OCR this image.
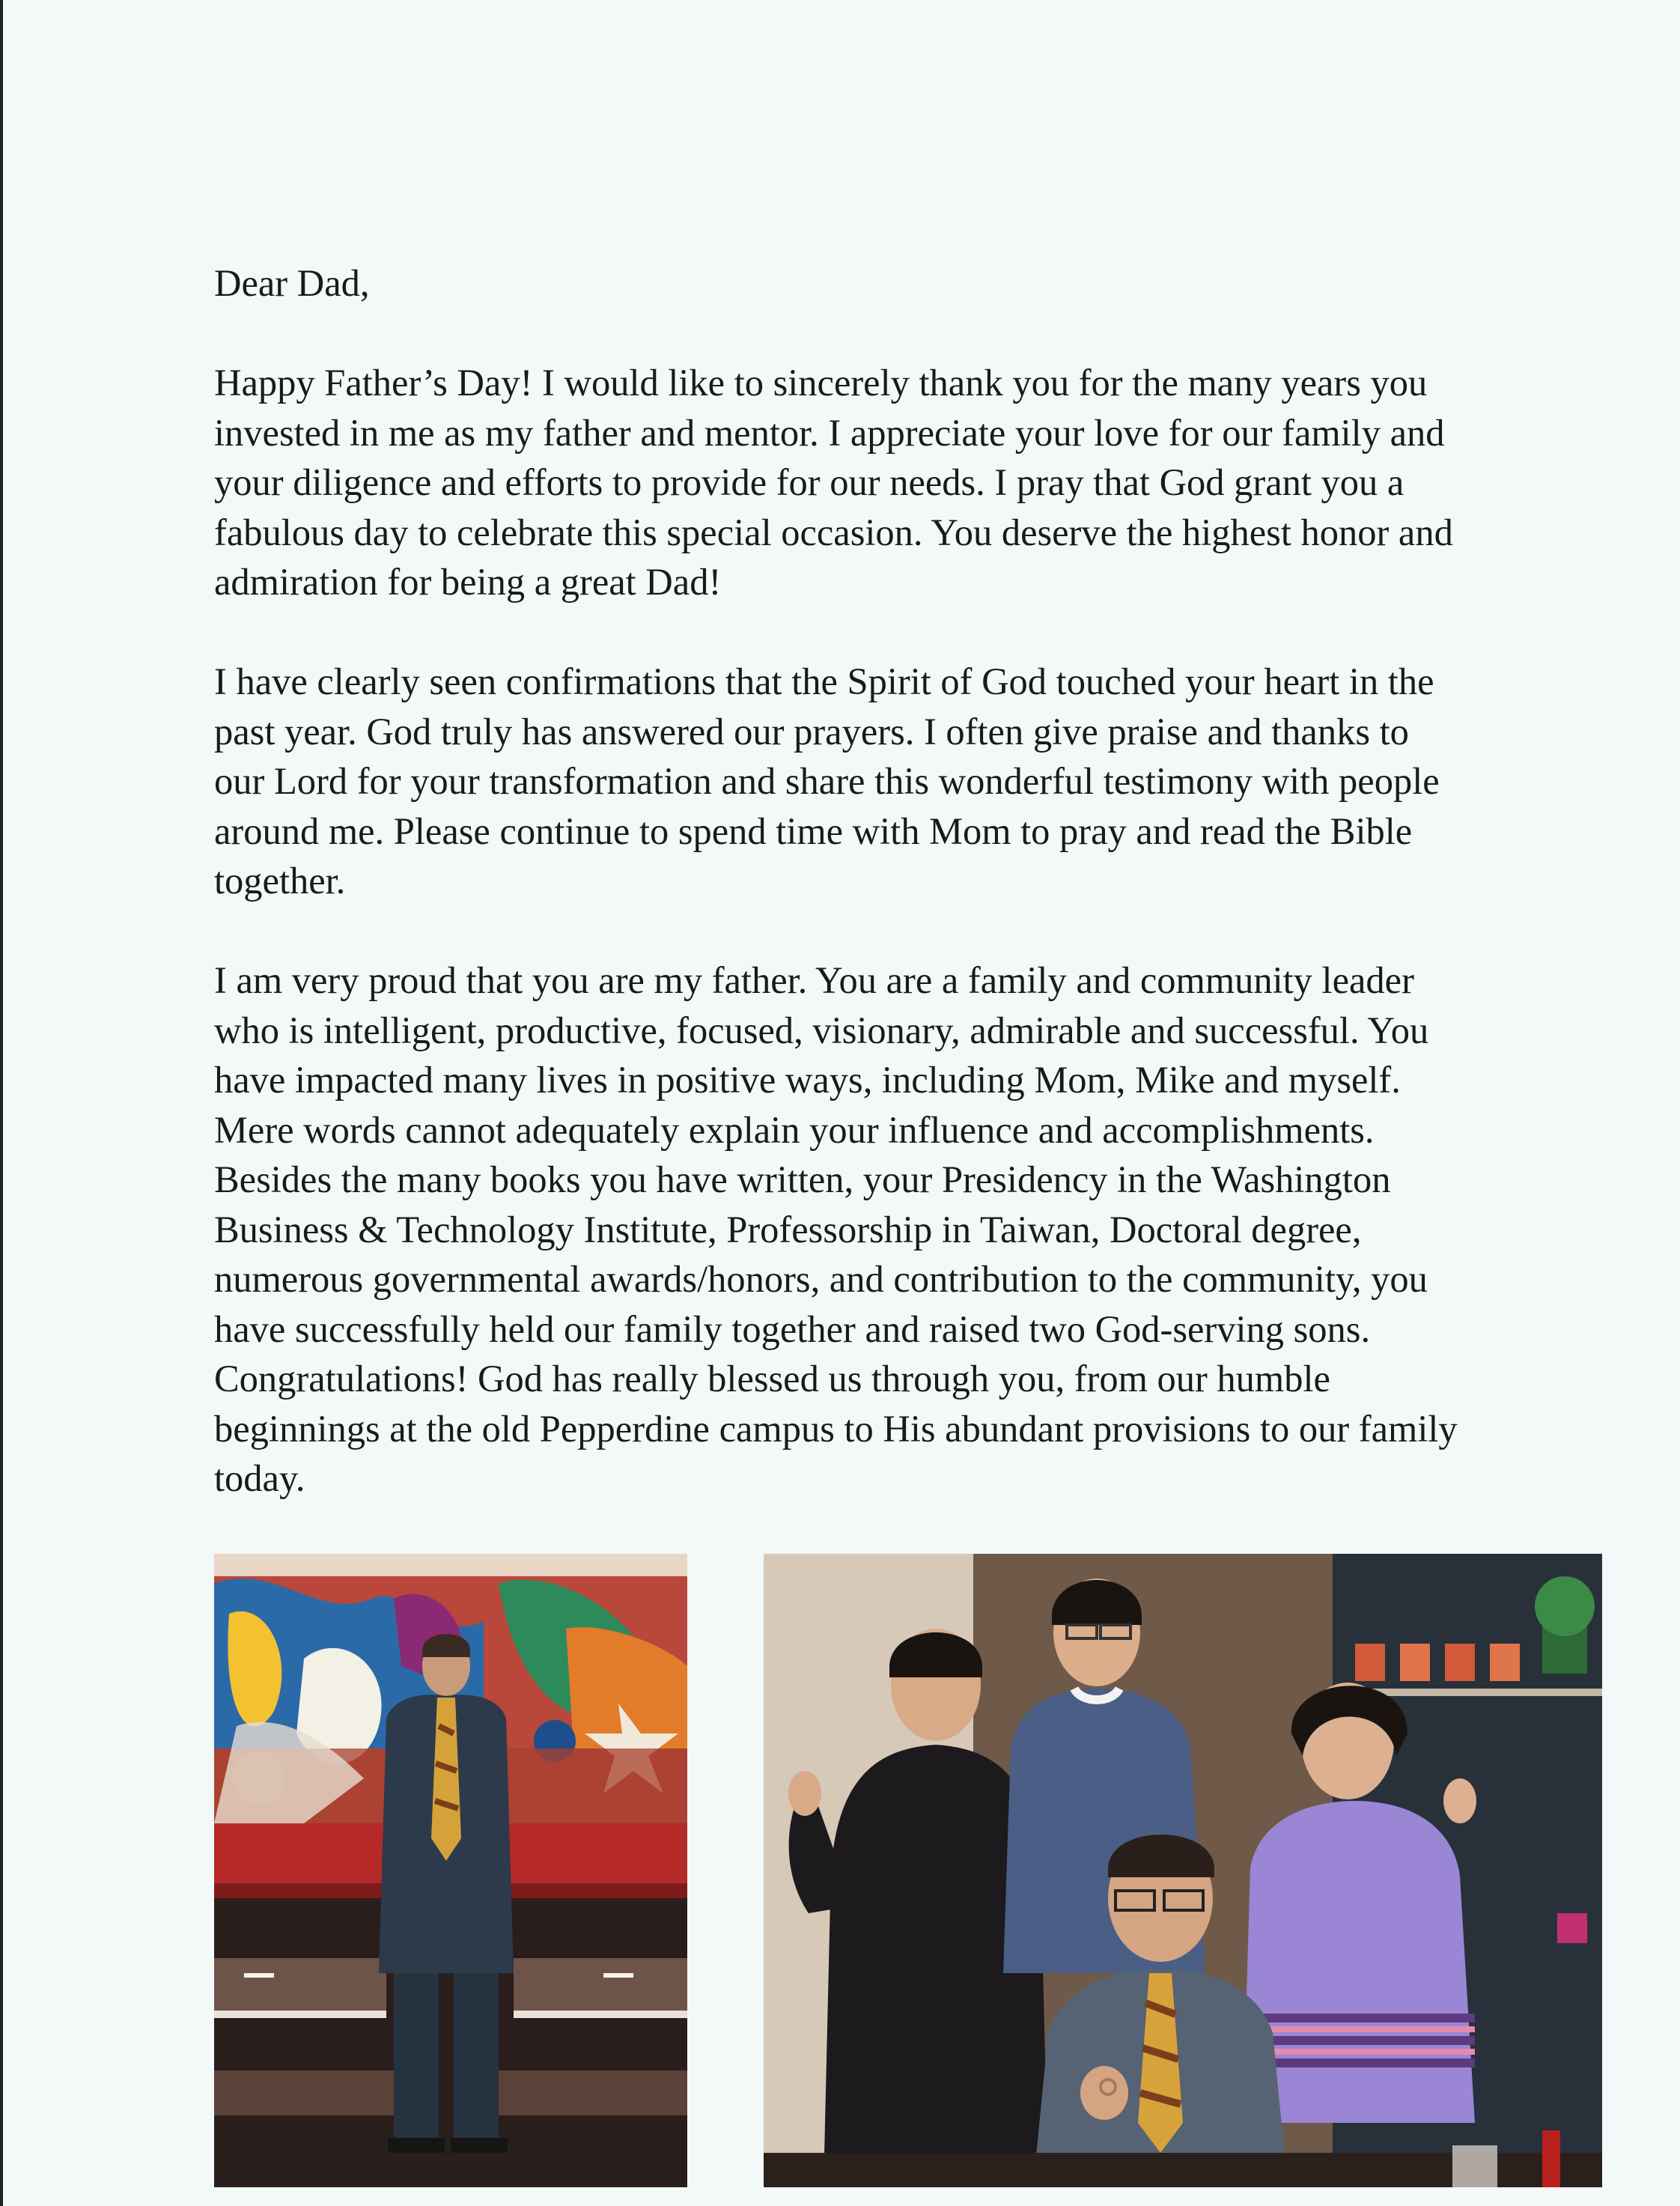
Dear Dad,

Happy Father’s Day! I would like to sincerely thank you for the many years you
invested in me as my father and mentor. I appreciate your love for our family and
your diligence and efforts to provide for our needs. I pray that God grant you a
fabulous day to celebrate this special occasion. You deserve the highest honor and
admiration for being a great Dad!

I have clearly seen confirmations that the Spirit of God touched your heart in the
past year. God truly has answered our prayers. I often give praise and thanks to
our Lord for your transformation and share this wonderful testimony with people
around me. Please continue to spend time with Mom to pray and read the Bible
together.

I am very proud that you are my father. You are a family and community leader
who is intelligent, productive, focused, visionary, admirable and successful. You
have impacted many lives in positive ways, including Mom, Mike and myself.
Mere words cannot adequately explain your influence and accomplishments.
Besides the many books you have written, your Presidency in the Washington
Business & Technology Institute, Professorship in Taiwan, Doctoral degree,
numerous governmental awards/honors, and contribution to the community, you
have successfully held our family together and raised two God-serving sons.
Congratulations! God has really blessed us through you, from our humble
beginnings at the old Pepperdine campus to His abundant provisions to our family
today.
